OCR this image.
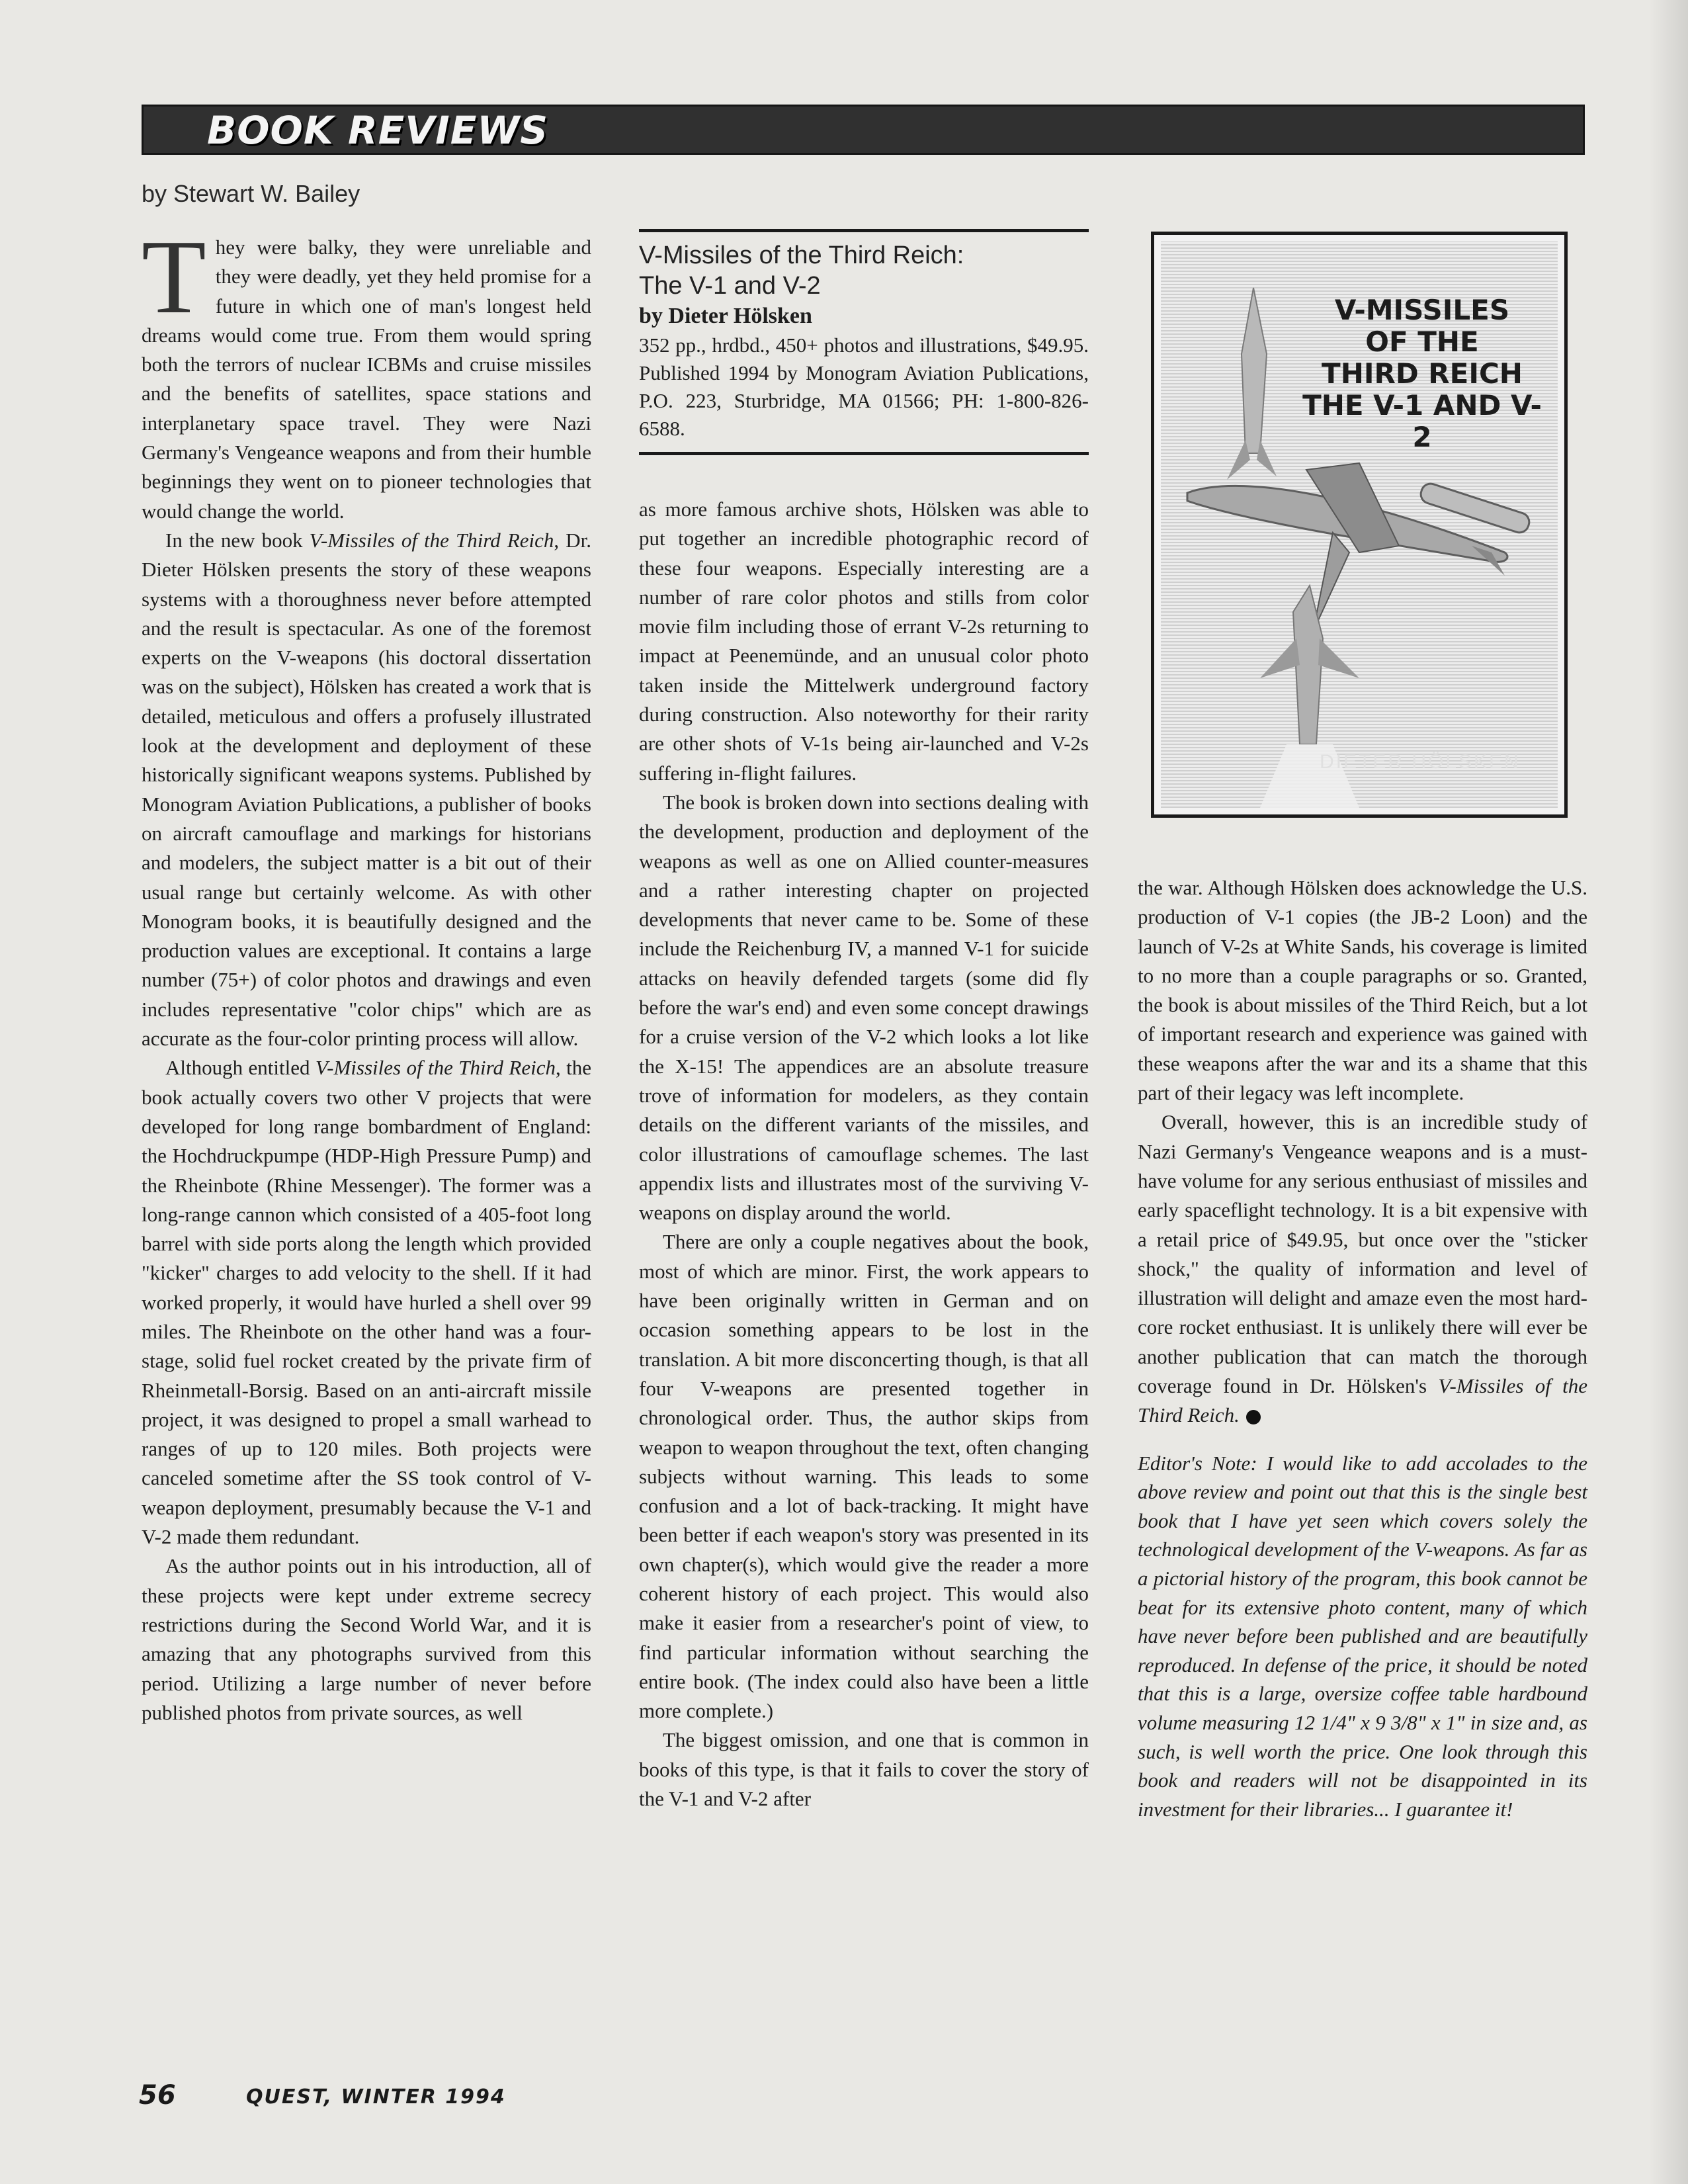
BOOK REVIEWS
by Stewart W. Bailey

They were balky, they were unreliable and they were deadly, yet they held promise for a future in which one of man's longest held dreams would come true. From them would spring both the terrors of nuclear ICBMs and cruise missiles and the benefits of satellites, space stations and interplanetary space travel. They were Nazi Germany's Vengeance weapons and from their humble beginnings they went on to pioneer technologies that would change the world.

In the new book V-Missiles of the Third Reich, Dr. Dieter Hölsken presents the story of these weapons systems with a thoroughness never before attempted and the result is spectacular. As one of the foremost experts on the V-weapons (his doctoral dissertation was on the subject), Hölsken has created a work that is detailed, meticulous and offers a profusely illustrated look at the development and deployment of these historically significant weapons systems. Published by Monogram Aviation Publications, a publisher of books on aircraft camouflage and markings for historians and modelers, the subject matter is a bit out of their usual range but certainly welcome. As with other Monogram books, it is beautifully designed and the production values are exceptional. It contains a large number (75+) of color photos and drawings and even includes representative "color chips" which are as accurate as the four-color printing process will allow.

Although entitled V-Missiles of the Third Reich, the book actually covers two other V projects that were developed for long range bombardment of England: the Hochdruckpumpe (HDP-High Pressure Pump) and the Rheinbote (Rhine Messenger). The former was a long-range cannon which consisted of a 405-foot long barrel with side ports along the length which provided "kicker" charges to add velocity to the shell. If it had worked properly, it would have hurled a shell over 99 miles. The Rheinbote on the other hand was a four-stage, solid fuel rocket created by the private firm of Rheinmetall-Borsig. Based on an anti-aircraft missile project, it was designed to propel a small warhead to ranges of up to 120 miles. Both projects were canceled sometime after the SS took control of V-weapon deployment, presumably because the V-1 and V-2 made them redundant.

As the author points out in his introduction, all of these projects were kept under extreme secrecy restrictions during the Second World War, and it is amazing that any photographs survived from this period. Utilizing a large number of never before published photos from private sources, as well

V-Missiles of the Third Reich:
The V-1 and V-2
by Dieter Hölsken
352 pp., hrdbd., 450+ photos and illustrations, $49.95. Published 1994 by Monogram Aviation Publications, P.O. 223, Sturbridge, MA 01566; PH: 1-800-826-6588.

as more famous archive shots, Hölsken was able to put together an incredible photographic record of these four weapons. Especially interesting are a number of rare color photos and stills from color movie film including those of errant V-2s returning to impact at Peenemünde, and an unusual color photo taken inside the Mittelwerk underground factory during construction. Also noteworthy for their rarity are other shots of V-1s being air-launched and V-2s suffering in-flight failures.

The book is broken down into sections dealing with the development, production and deployment of the weapons as well as one on Allied counter-measures and a rather interesting chapter on projected developments that never came to be. Some of these include the Reichenburg IV, a manned V-1 for suicide attacks on heavily defended targets (some did fly before the war's end) and even some concept drawings for a cruise version of the V-2 which looks a lot like the X-15! The appendices are an absolute treasure trove of information for modelers, as they contain details on the different variants of the missiles, and color illustrations of camouflage schemes. The last appendix lists and illustrates most of the surviving V-weapons on display around the world.

There are only a couple negatives about the book, most of which are minor. First, the work appears to have been originally written in German and on occasion something appears to be lost in the translation. A bit more disconcerting though, is that all four V-weapons are presented together in chronological order. Thus, the author skips from weapon to weapon throughout the text, often changing subjects without warning. This leads to some confusion and a lot of back-tracking. It might have been better if each weapon's story was presented in its own chapter(s), which would give the reader a more coherent history of each project. This would also make it easier from a researcher's point of view, to find particular information without searching the entire book. (The index could also have been a little more complete.)

The biggest omission, and one that is common in books of this type, is that it fails to cover the story of the V-1 and V-2 after

V-MISSILES
OF THE
THIRD REICH
THE V-1 AND V-2
DIETER HÖLSKEN

the war. Although Hölsken does acknowledge the U.S. production of V-1 copies (the JB-2 Loon) and the launch of V-2s at White Sands, his coverage is limited to no more than a couple paragraphs or so. Granted, the book is about missiles of the Third Reich, but a lot of important research and experience was gained with these weapons after the war and its a shame that this part of their legacy was left incomplete.

Overall, however, this is an incredible study of Nazi Germany's Vengeance weapons and is a must-have volume for any serious enthusiast of missiles and early spaceflight technology. It is a bit expensive with a retail price of $49.95, but once over the "sticker shock," the quality of information and level of illustration will delight and amaze even the most hard-core rocket enthusiast. It is unlikely there will ever be another publication that can match the thorough coverage found in Dr. Hölsken's V-Missiles of the Third Reich.

Editor's Note: I would like to add accolades to the above review and point out that this is the single best book that I have yet seen which covers solely the technological development of the V-weapons. As far as a pictorial history of the program, this book cannot be beat for its extensive photo content, many of which have never before been published and are beautifully reproduced. In defense of the price, it should be noted that this is a large, oversize coffee table hardbound volume measuring 12 1/4" x 9 3/8" x 1" in size and, as such, is well worth the price. One look through this book and readers will not be disappointed in its investment for their libraries... I guarantee it!

56	QUEST, WINTER 1994
